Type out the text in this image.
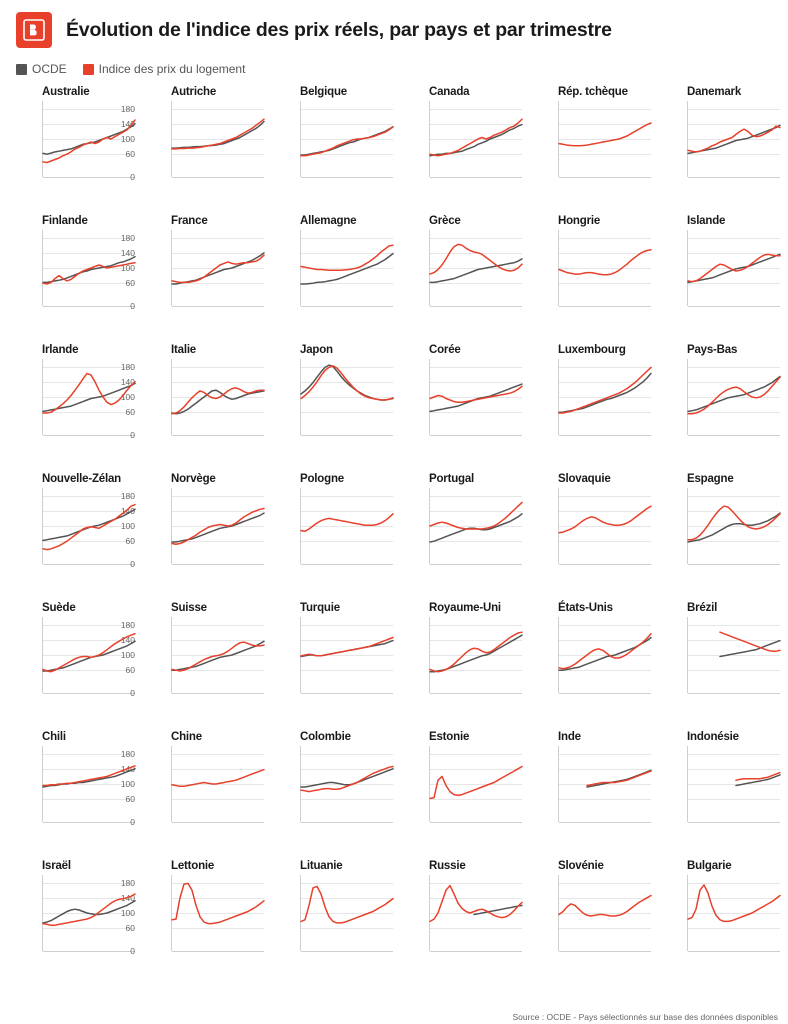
Évolution de l'indice des prix réels, par pays et par trimestre
OCDE	Indice des prix du logement
Australie
0
60
100
140
180
Autriche	Belgique	Canada	Rép. tchèque	Danemark
Finlande
0
60
100
140
180
France	Allemagne	Grèce	Hongrie	Islande
Irlande
0
60
100
140
180
Italie	Japon	Corée	Luxembourg	Pays-Bas
Nouvelle-Zélan
0
60
100
140
180
Norvège	Pologne	Portugal	Slovaquie	Espagne
Suède
0
60
100
140
180
Suisse	Turquie	Royaume-Uni	États-Unis	Brézil
Chili
0
60
100
140
180
Chine	Colombie	Estonie	Inde	Indonésie
Israël
0
60
100
140
180
Lettonie	Lituanie	Russie	Slovénie	Bulgarie
Source : OCDE - Pays sélectionnés sur base des données disponibles
